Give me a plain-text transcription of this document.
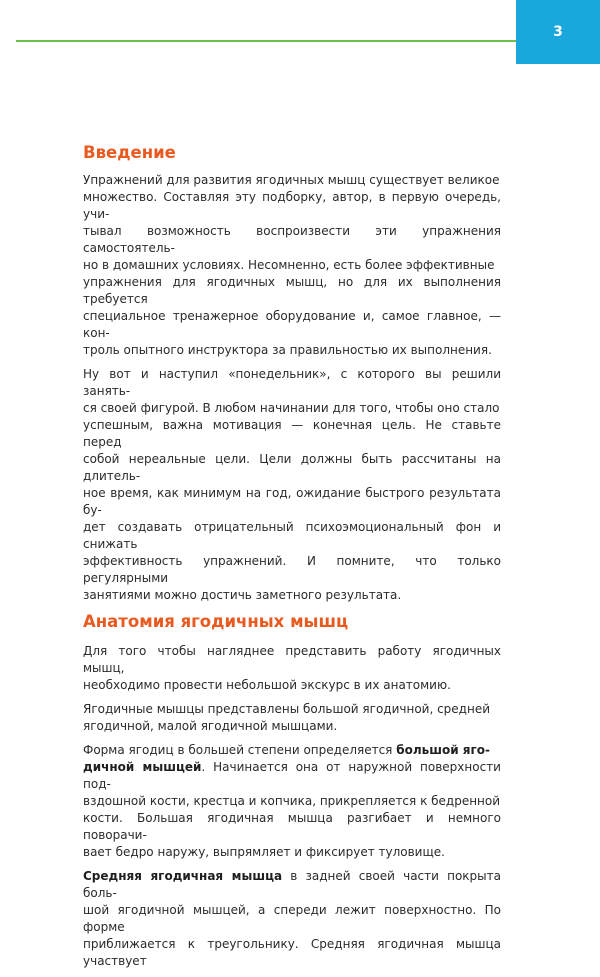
3
Введение

Упражнений для развития ягодичных мышц существует великое
множество. Составляя эту подборку, автор, в первую очередь, учи-
тывал возможность воспроизвести эти упражнения самостоятель-
но в домашних условиях. Несомненно, есть более эффективные
упражнения для ягодичных мышц, но для их выполнения требуется
специальное тренажерное оборудование и, самое главное, — кон-
троль опытного инструктора за правильностью их выполнения.

Ну вот и наступил «понедельник», с которого вы решили занять-
ся своей фигурой. В любом начинании для того, чтобы оно стало
успешным, важна мотивация — конечная цель. Не ставьте перед
собой нереальные цели. Цели должны быть рассчитаны на длитель-
ное время, как минимум на год, ожидание быстрого результата бу-
дет создавать отрицательный психоэмоциональный фон и снижать
эффективность упражнений. И помните, что только регулярными
занятиями можно достичь заметного результата.

Анатомия ягодичных мышц

Для того чтобы нагляднее представить работу ягодичных мышц,
необходимо провести небольшой экскурс в их анатомию.

Ягодичные мышцы представлены большой ягодичной, средней
ягодичной, малой ягодичной мышцами.

Форма ягодиц в большей степени определяется большой яго-
дичной мышцей. Начинается она от наружной поверхности под-
вздошной кости, крестца и копчика, прикрепляется к бедренной
кости. Большая ягодичная мышца разгибает и немного поворачи-
вает бедро наружу, выпрямляет и фиксирует туловище.

Средняя ягодичная мышца в задней своей части покрыта боль-
шой ягодичной мышцей, а спереди лежит поверхностно. По форме
приближается к треугольнику. Средняя ягодичная мышца участвует
